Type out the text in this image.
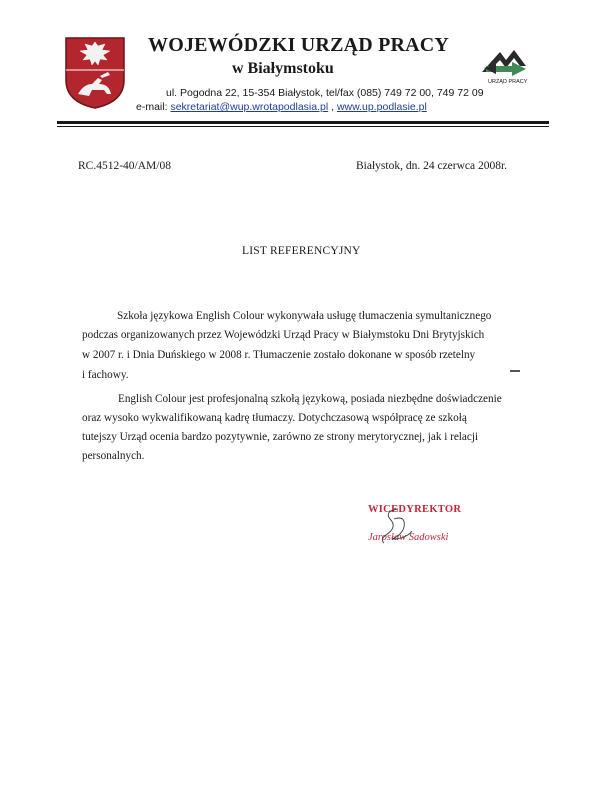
WOJEWÓDZKI URZĄD PRACY
w Białymstoku
ul. Pogodna 22, 15-354 Białystok, tel/fax (085) 749 72 00, 749 72 09
e-mail: sekretariat@wup.wrotapodlasia.pl , www.up.podlasie.pl
URZĄD PRACY
RC.4512-40/AM/08	Białystok, dn. 24 czerwca 2008r.
LIST REFERENCYJNY
Szkoła językowa English Colour wykonywała usługę tłumaczenia symultanicznego
podczas organizowanych przez Wojewódzki Urząd Pracy w Białymstoku Dni Brytyjskich
w 2007 r. i Dnia Duńskiego w 2008 r. Tłumaczenie zostało dokonane w sposób rzetelny
i fachowy.
English Colour jest profesjonalną szkołą językową, posiada niezbędne doświadczenie
oraz wysoko wykwalifikowaną kadrę tłumaczy. Dotychczasową współpracę ze szkołą
tutejszy Urząd ocenia bardzo pozytywnie, zarówno ze strony merytorycznej, jak i relacji
personalnych.
WICEDYREKTOR
Jarosław Sadowski
